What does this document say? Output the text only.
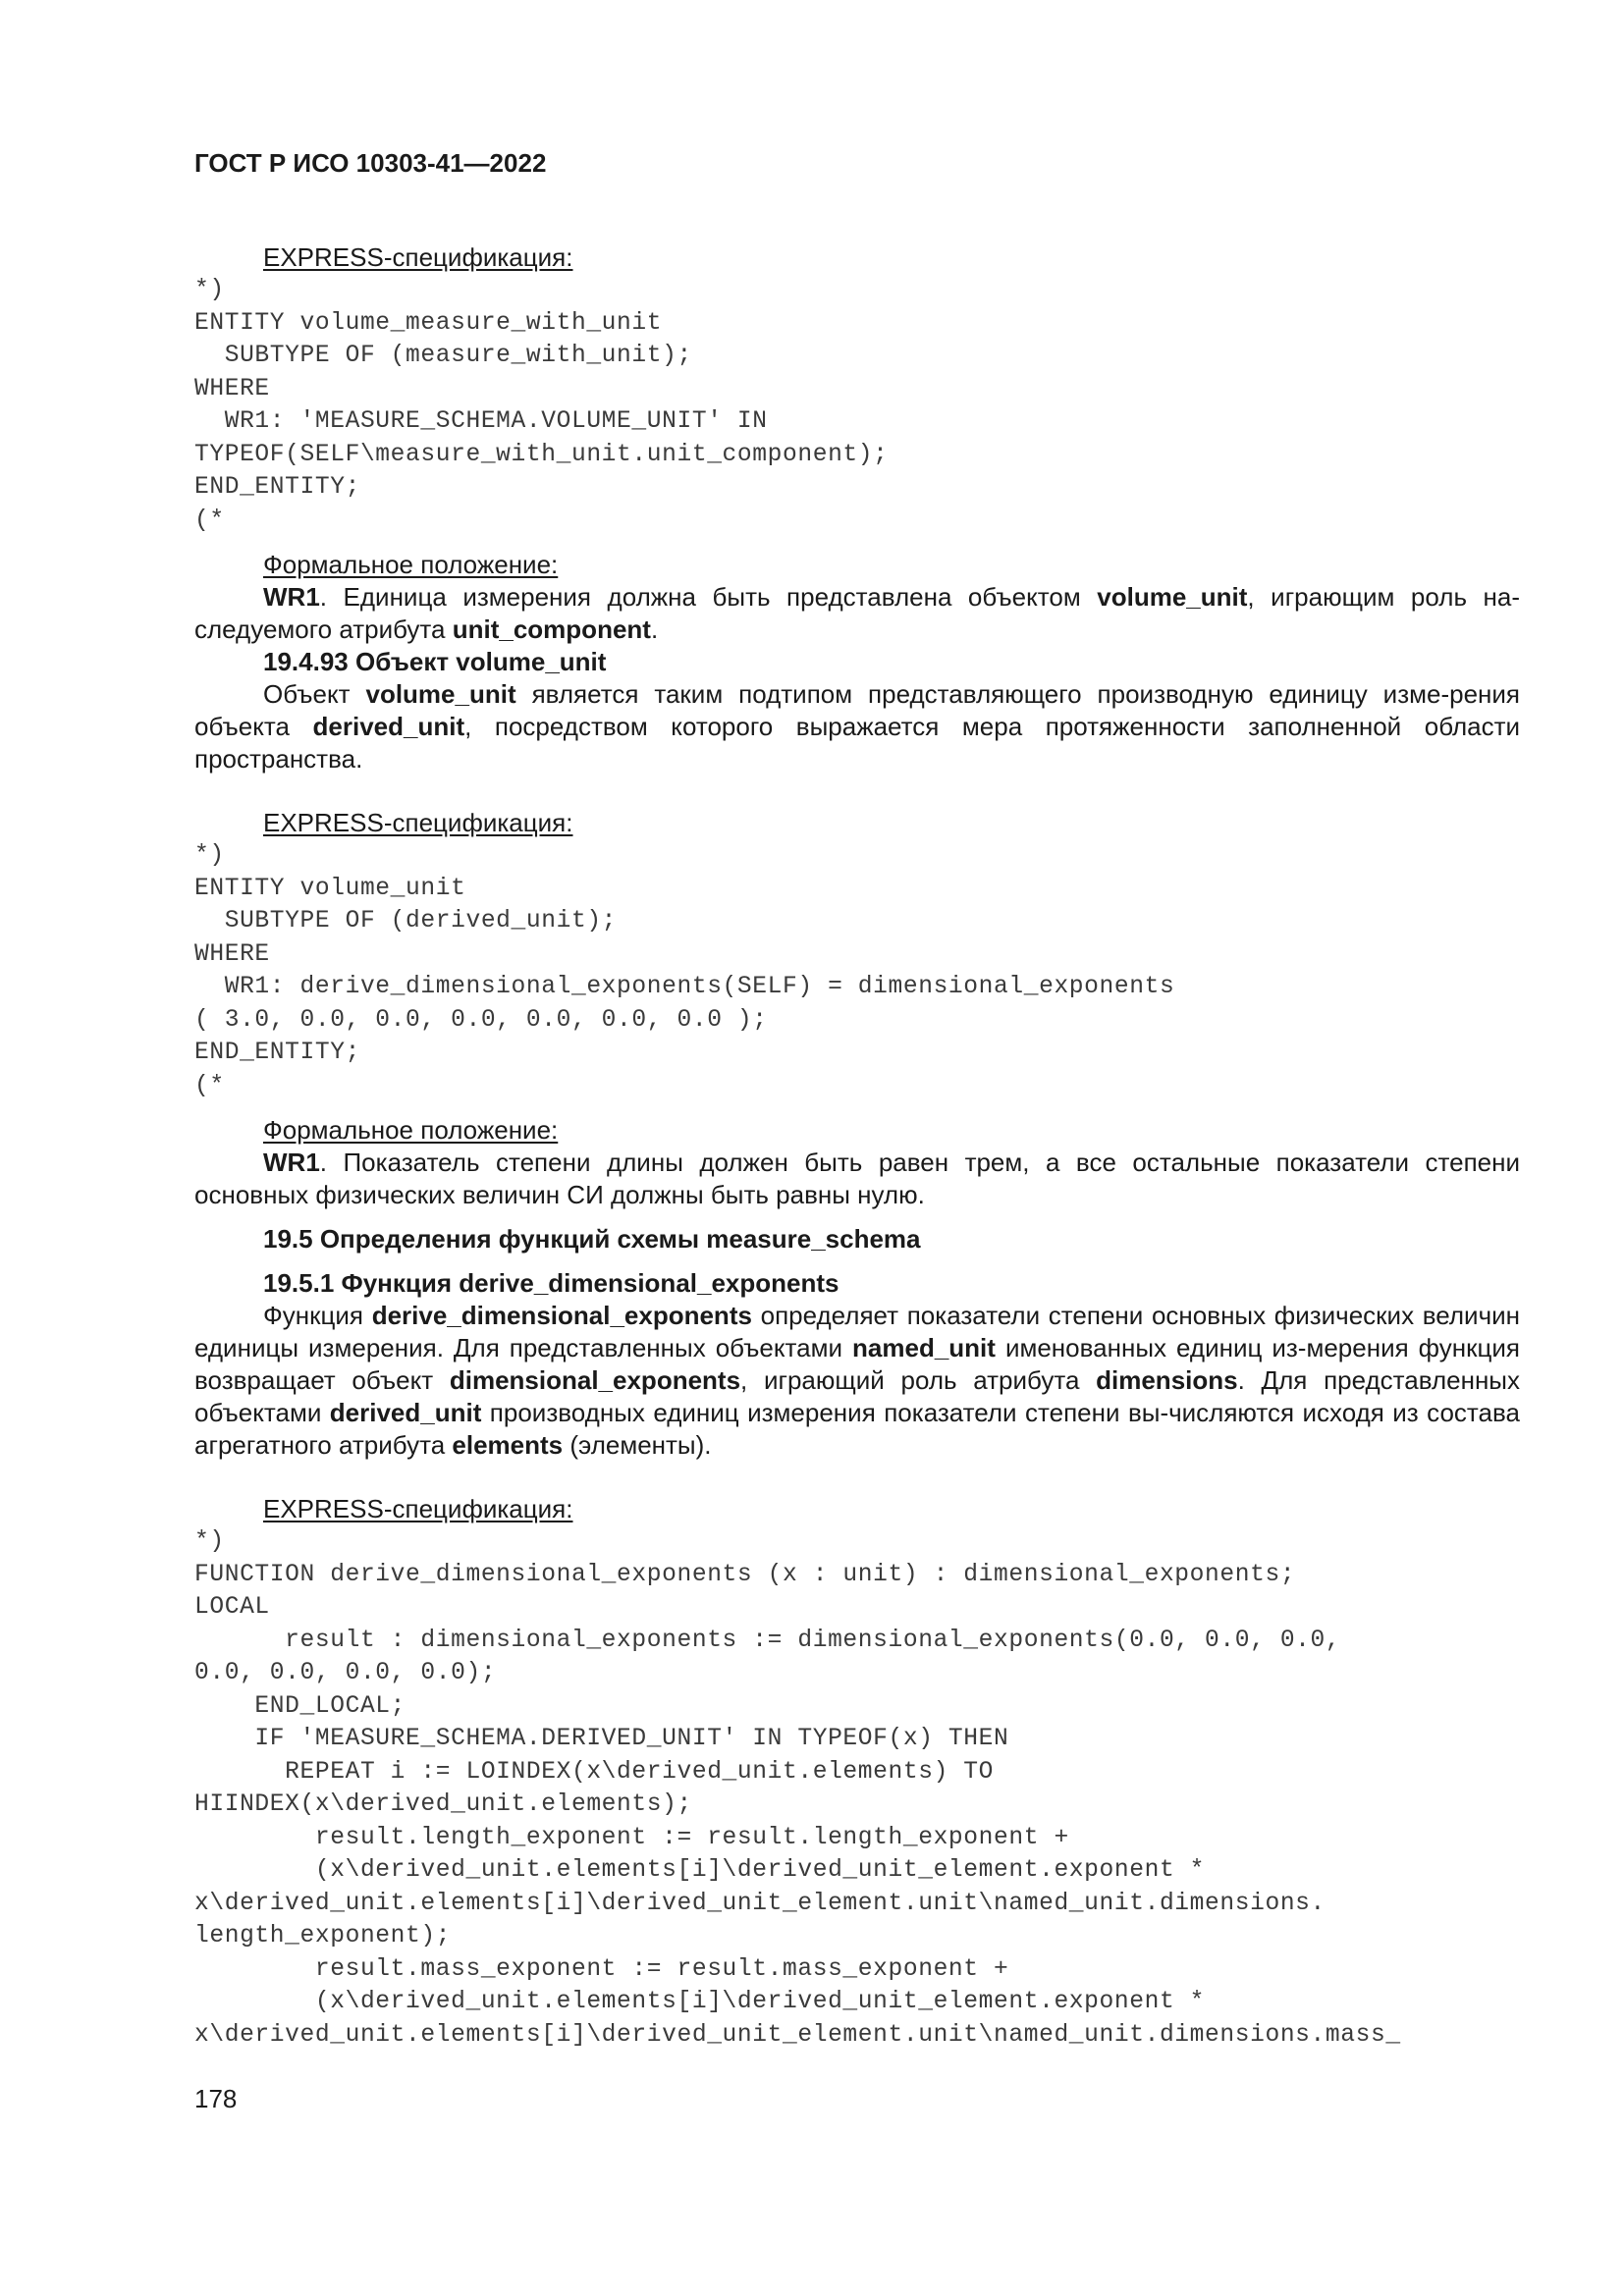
ГОСТ Р ИСО 10303-41—2022
EXPRESS-спецификация:
*)
ENTITY volume_measure_with_unit
SUBTYPE OF (measure_with_unit);
WHERE
WR1: 'MEASURE_SCHEMA.VOLUME_UNIT' IN
TYPEOF(SELF\measure_with_unit.unit_component);
END_ENTITY;
(*
Формальное положение:

WR1. Единица измерения должна быть представлена объектом volume_unit, играющим роль на-следуемого атрибута unit_component.

19.4.93 Объект volume_unit

Объект volume_unit является таким подтипом представляющего производную единицу изме-рения объекта derived_unit, посредством которого выражается мера протяженности заполненной области пространства.

EXPRESS-спецификация:
*)
ENTITY volume_unit
SUBTYPE OF (derived_unit);
WHERE
WR1: derive_dimensional_exponents(SELF) = dimensional_exponents
( 3.0, 0.0, 0.0, 0.0, 0.0, 0.0, 0.0 );
END_ENTITY;
(*
Формальное положение:

WR1. Показатель степени длины должен быть равен трем, а все остальные показатели степени основных физических величин СИ должны быть равны нулю.

19.5 Определения функций схемы measure_schema
19.5.1 Функция derive_dimensional_exponents

Функция derive_dimensional_exponents определяет показатели степени основных физических величин единицы измерения. Для представленных объектами named_unit именованных единиц из-мерения функция возвращает объект dimensional_exponents, играющий роль атрибута dimensions. Для представленных объектами derived_unit производных единиц измерения показатели степени вы-числяются исходя из состава агрегатного атрибута elements (элементы).

EXPRESS-спецификация:
*)
FUNCTION derive_dimensional_exponents (x : unit) : dimensional_exponents;
LOCAL
result : dimensional_exponents := dimensional_exponents(0.0, 0.0, 0.0,
0.0, 0.0, 0.0, 0.0);
END_LOCAL;
IF 'MEASURE_SCHEMA.DERIVED_UNIT' IN TYPEOF(x) THEN
REPEAT i := LOINDEX(x\derived_unit.elements) TO
HIINDEX(x\derived_unit.elements);
result.length_exponent := result.length_exponent +
(x\derived_unit.elements[i]\derived_unit_element.exponent *
x\derived_unit.elements[i]\derived_unit_element.unit\named_unit.dimensions.
length_exponent);
result.mass_exponent := result.mass_exponent +
(x\derived_unit.elements[i]\derived_unit_element.exponent *
x\derived_unit.elements[i]\derived_unit_element.unit\named_unit.dimensions.mass_
178
